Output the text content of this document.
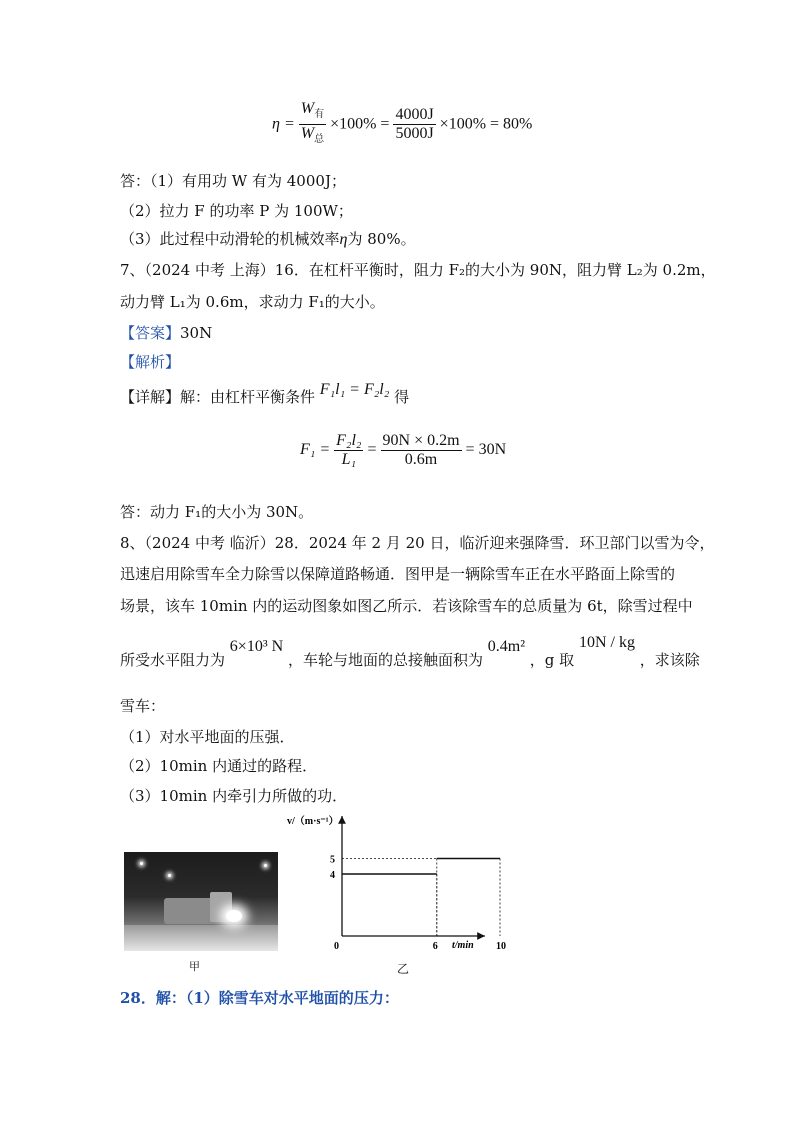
$\eta = \frac{W_有}{W_总} \times 100\% = \frac{4000J}{5000J} \times 100\% = 80\%$
答：（1）有用功 W 有为 4000J；
（2）拉力 F 的功率 P 为 100W；
（3）此过程中动滑轮的机械效率η为 80%。
7、（2024 中考 上海）16．在杠杆平衡时，阻力 F₂的大小为 90N，阻力臂 L₂为 0.2m，
动力臂 L₁为 0.6m，求动力 F₁的大小。
【答案】30N
【解析】
【详解】解：由杠杆平衡条件 F₁l₁ = F₂l₂ 得
$F_1 = \frac{\text{F₂l₂}}{\text{L₁}} = \frac{90N \times 0.2m}{0.6m} = 30N$
答：动力 F₁的大小为 30N。
8、（2024 中考 临沂）28．2024 年 2 月 20 日，临沂迎来强降雪．环卫部门以雪为令，
迅速启用除雪车全力除雪以保障道路畅通．图甲是一辆除雪车正在水平路面上除雪的
场景，该车 10min 内的运动图象如图乙所示．若该除雪车的总质量为 6t，除雪过程中
所受水平阻力为 6×10³ N ，车轮与地面的总接触面积为 0.4m² ，g 取 10N / kg ，求该除
雪车：
（1）对水平地面的压强．
（2）10min 内通过的路程．
（3）10min 内牵引力所做的功．
甲
v/（m·s⁻¹）
t/min
0	6	10
4
5
乙
28．解：（1）除雪车对水平地面的压力：
